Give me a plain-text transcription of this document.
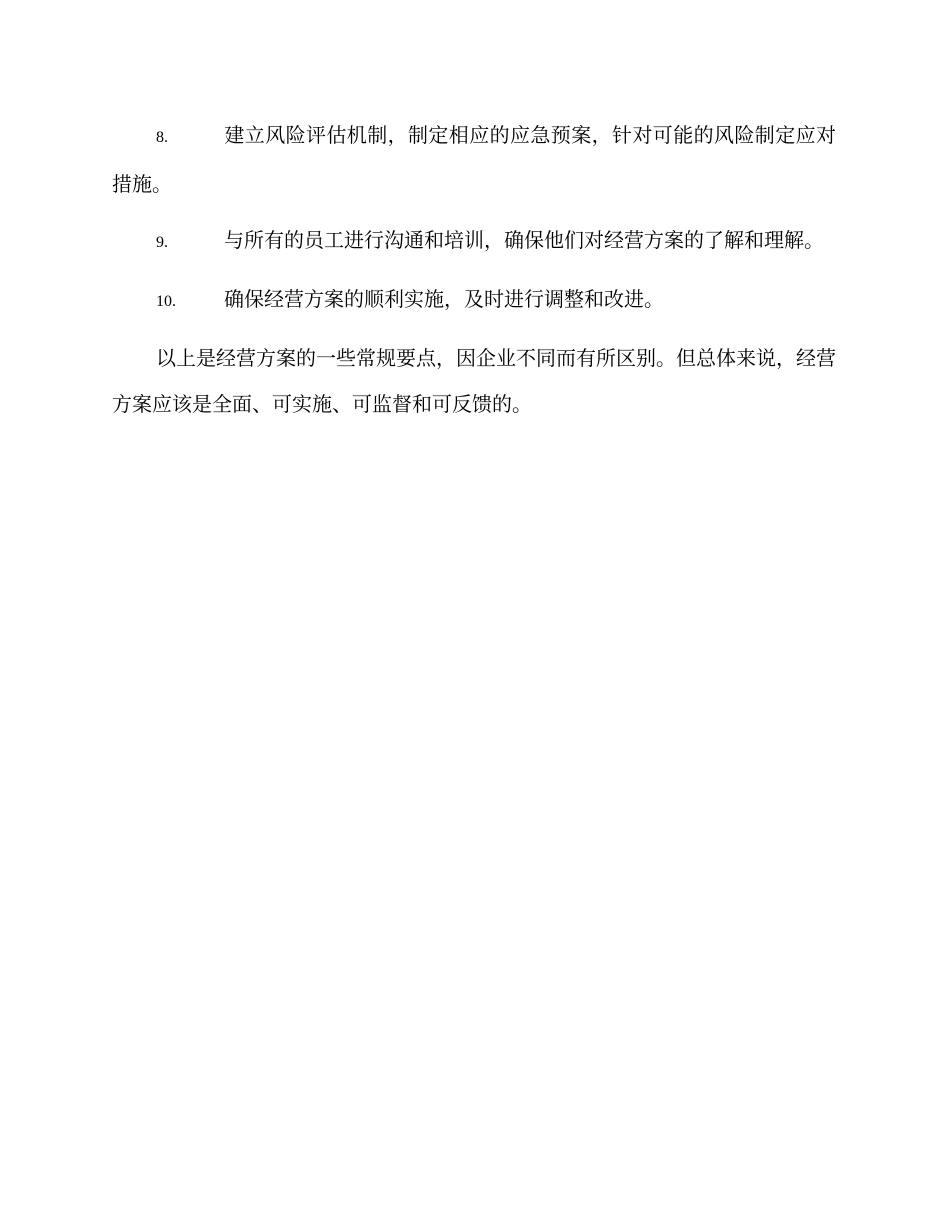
8.	建立风险评估机制，制定相应的应急预案，针对可能的风险制定应对措施。
9.	与所有的员工进行沟通和培训，确保他们对经营方案的了解和理解。
10. 确保经营方案的顺利实施，及时进行调整和改进。

以上是经营方案的一些常规要点，因企业不同而有所区别。但总体来说，经营方案应该是全面、可实施、可监督和可反馈的。
